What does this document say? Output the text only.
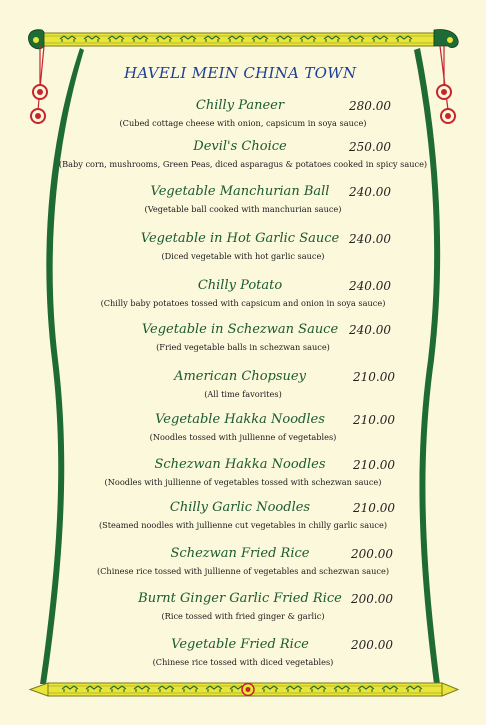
HAVELI MEIN CHINA TOWN
Chilly Paneer	280.00
(Cubed cottage cheese with onion, capsicum in soya sauce)
Devil's Choice	250.00
(Baby corn, mushrooms, Green Peas, diced asparagus & potatoes cooked in spicy sauce)
Vegetable Manchurian Ball	240.00
(Vegetable ball cooked with manchurian sauce)
Vegetable in Hot Garlic Sauce 240.00
(Diced vegetable with hot garlic sauce)
Chilly Potato	240.00
(Chilly baby potatoes tossed with capsicum and onion in soya sauce)
Vegetable in Schezwan Sauce 240.00
(Fried vegetable balls in schezwan sauce)
American Chopsuey	210.00
(All time favorites)
Vegetable Hakka Noodles	210.00
(Noodles tossed with jullienne of vegetables)
Schezwan Hakka Noodles	210.00
(Noodles with jullienne of vegetables tossed with schezwan sauce)
Chilly Garlic Noodles	210.00
(Steamed noodles with jullienne cut vegetables in chilly garlic sauce)
Schezwan Fried Rice	200.00
(Chinese rice tossed with jullienne of vegetables and schezwan sauce)
Burnt Ginger Garlic Fried Rice 200.00
(Rice tossed with fried ginger & garlic)
Vegetable Fried Rice	200.00
(Chinese rice tossed with diced vegetables)
